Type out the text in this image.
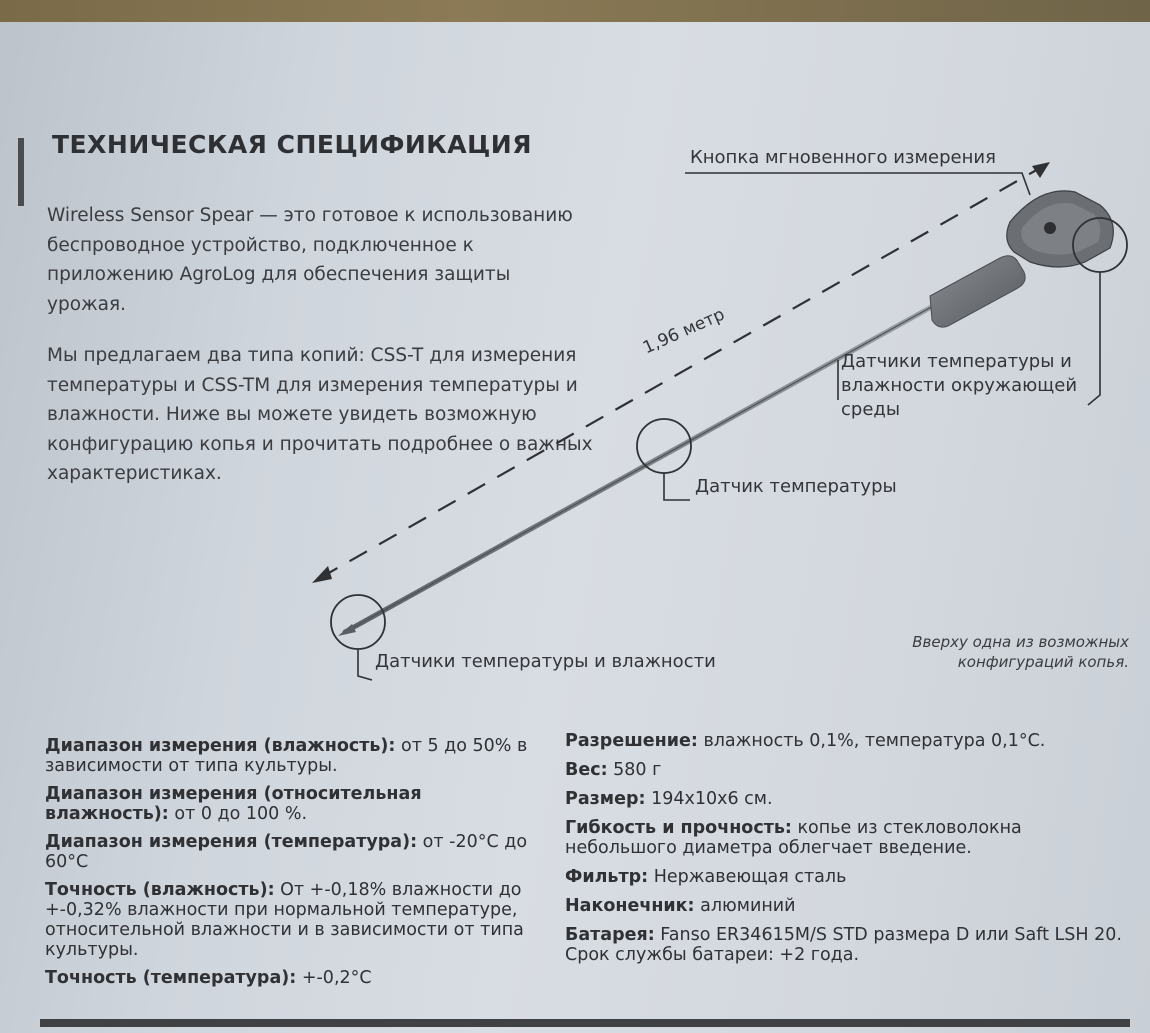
ТЕХНИЧЕСКАЯ СПЕЦИФИКАЦИЯ
Wireless Sensor Spear — это готовое к использованию беспроводное устройство, подключенное к приложению AgroLog для обеспечения защиты урожая.
Мы предлагаем два типа копий: CSS-T для измерения температуры и CSS-TM для измерения температуры и влажности. Ниже вы можете увидеть возможную конфигурацию копья и прочитать подробнее о важных характеристиках.
1,96 метр
Кнопка мгновенного измерения
Датчики температуры и влажности окружающей среды
Датчик температуры
Датчики температуры и влажности
Вверху одна из возможных конфигураций копья.
Диапазон измерения (влажность): от 5 до 50% в зависимости от типа культуры.
Диапазон измерения (относительная влажность): от 0 до 100 %.
Диапазон измерения (температура): от -20°C до 60°C
Точность (влажность): От +-0,18% влажности до +-0,32% влажности при нормальной температуре, относительной влажности и в зависимости от типа культуры.
Точность (температура): +-0,2°C
Разрешение: влажность 0,1%, температура 0,1°C.
Вес: 580 г
Размер: 194x10x6 см.
Гибкость и прочность: копье из стекловолокна небольшого диаметра облегчает введение.
Фильтр: Нержавеющая сталь
Наконечник: алюминий
Батарея: Fanso ER34615M/S STD размера D или Saft LSH 20. Срок службы батареи: +2 года.
